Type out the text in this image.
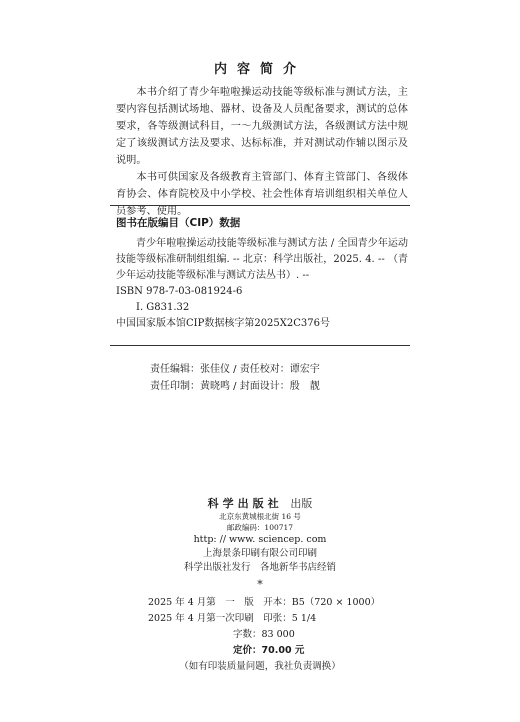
内容简介

本书介绍了青少年啦啦操运动技能等级标准与测试方法，主要内容包括测试场地、器材、设备及人员配备要求，测试的总体要求，各等级测试科目，一～九级测试方法，各级测试方法中规定了该级测试方法及要求、达标标准，并对测试动作辅以图示及说明。

本书可供国家及各级教育主管部门、体育主管部门、各级体育协会、体育院校及中小学校、社会性体育培训组织相关单位人员参考、使用。

图书在版编目（CIP）数据
青少年啦啦操运动技能等级标准与测试方法 / 全国青少年运动技能等级标准研制组组编. -- 北京：科学出版社，2025. 4. -- （青少年运动技能等级标准与测试方法丛书）. --
ISBN 978-7-03-081924-6
Ⅰ. G831.32
中国国家版本馆CIP数据核字第2025X2C376号
责任编辑：张佳仪 / 责任校对：谭宏宇
责任印制：黄晓鸣 / 封面设计：殷　靓
科学出版社 出版
北京东黄城根北街 16 号
邮政编码：100717
http: // www. sciencep. com
上海景条印刷有限公司印刷
科学出版社发行　各地新华书店经销
*
2025 年 4 月第　一　版　开本：B5（720 × 1000）
2025 年 4 月第一次印刷　印张：5 1/4
字数：83 000
定价：70.00 元
（如有印装质量问题，我社负责调换）
